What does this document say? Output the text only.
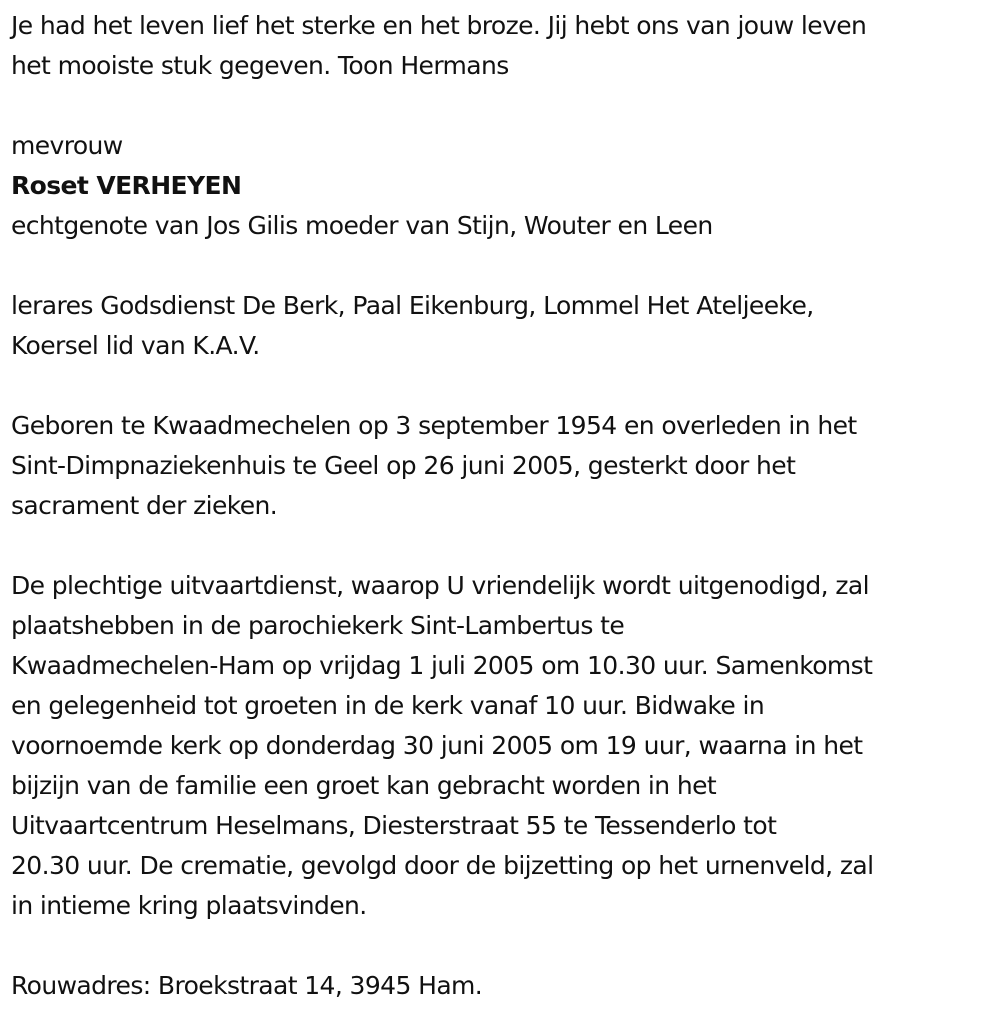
Je had het leven lief het sterke en het broze. Jij hebt ons van jouw leven
het mooiste stuk gegeven. Toon Hermans

mevrouw

Roset VERHEYEN

echtgenote van Jos Gilis moeder van Stijn, Wouter en Leen

lerares Godsdienst De Berk, Paal Eikenburg, Lommel Het Ateljeeke,
Koersel lid van K.A.V.

Geboren te Kwaadmechelen op 3 september 1954 en overleden in het
Sint-Dimpnaziekenhuis te Geel op 26 juni 2005, gesterkt door het
sacrament der zieken.

De plechtige uitvaartdienst, waarop U vriendelijk wordt uitgenodigd, zal
plaatshebben in de parochiekerk Sint-Lambertus te
Kwaadmechelen-Ham op vrijdag 1 juli 2005 om 10.30 uur. Samenkomst
en gelegenheid tot groeten in de kerk vanaf 10 uur. Bidwake in
voornoemde kerk op donderdag 30 juni 2005 om 19 uur, waarna in het
bijzijn van de familie een groet kan gebracht worden in het
Uitvaartcentrum Heselmans, Diesterstraat 55 te Tessenderlo tot
20.30 uur. De crematie, gevolgd door de bijzetting op het urnenveld, zal
in intieme kring plaatsvinden.

Rouwadres: Broekstraat 14, 3945 Ham.
